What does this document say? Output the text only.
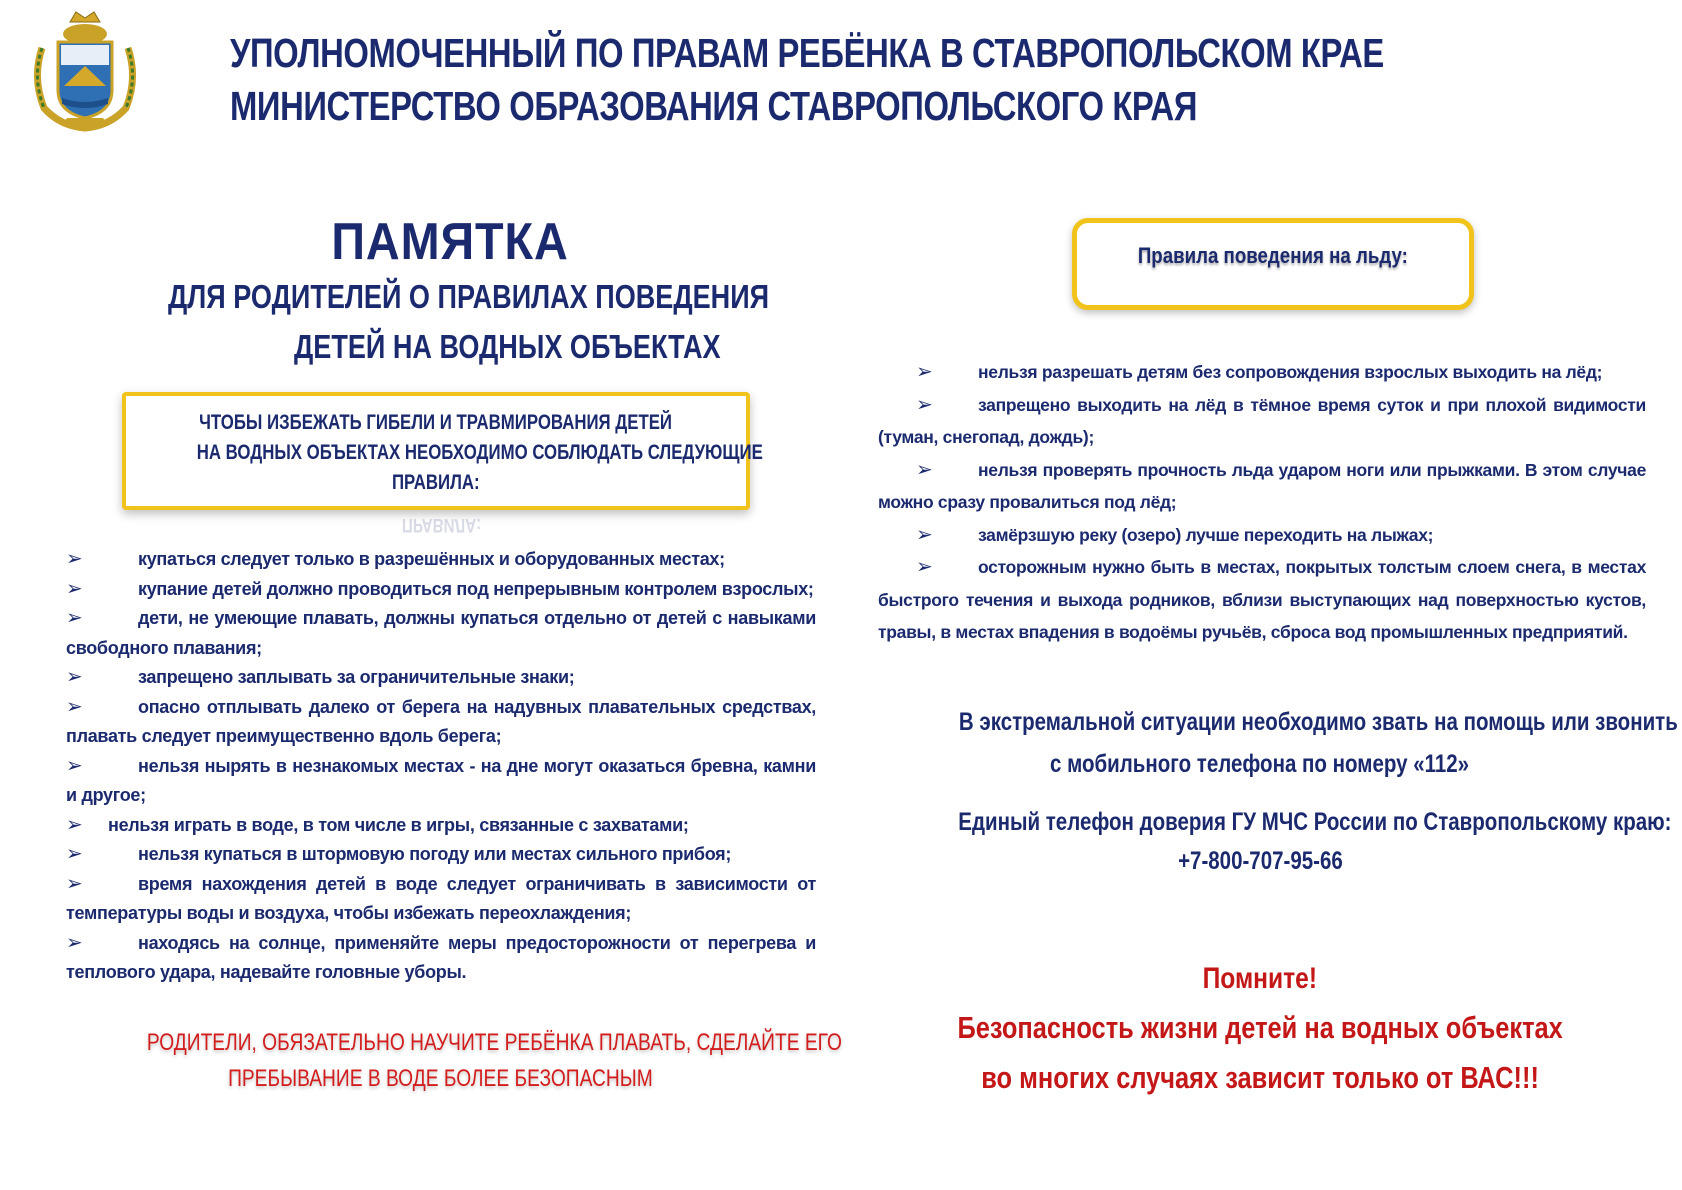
УПОЛНОМОЧЕННЫЙ ПО ПРАВАМ РЕБЁНКА В СТАВРОПОЛЬСКОМ КРАЕ
МИНИСТЕРСТВО ОБРАЗОВАНИЯ СТАВРОПОЛЬСКОГО КРАЯ
ПАМЯТКА
ДЛЯ РОДИТЕЛЕЙ О ПРАВИЛАХ ПОВЕДЕНИЯ
ДЕТЕЙ НА ВОДНЫХ ОБЪЕКТАХ
ЧТОБЫ ИЗБЕЖАТЬ ГИБЕЛИ И ТРАВМИРОВАНИЯ ДЕТЕЙ
НА ВОДНЫХ ОБЪЕКТАХ НЕОБХОДИМО СОБЛЮДАТЬ СЛЕДУЮЩИЕ
ПРАВИЛА:
ПРАВИЛА:
➢	купаться следует только в разрешённых и оборудованных местах;
➢	купание детей должно проводиться под непрерывным контролем взрослых;
➢	дети, не умеющие плавать, должны купаться отдельно от детей с навыками свободного плавания;
➢	запрещено заплывать за ограничительные знаки;
➢	опасно отплывать далеко от берега на надувных плавательных средствах, плавать следует преимущественно вдоль берега;
➢	нельзя нырять в незнакомых местах - на дне могут оказаться бревна, камни и другое;
➢ нельзя играть в воде, в том числе в игры, связанные с захватами;
➢	нельзя купаться в штормовую погоду или местах сильного прибоя;
➢	время нахождения детей в воде следует ограничивать в зависимости от температуры воды и воздуха, чтобы избежать переохлаждения;
➢	находясь на солнце, применяйте меры предосторожности от перегрева и теплового удара, надевайте головные уборы.
РОДИТЕЛИ, ОБЯЗАТЕЛЬНО НАУЧИТЕ РЕБЁНКА ПЛАВАТЬ, СДЕЛАЙТЕ ЕГО
ПРЕБЫВАНИЕ В ВОДЕ БОЛЕЕ БЕЗОПАСНЫМ
Правила поведения на льду:
➢	нельзя разрешать детям без сопровождения взрослых выходить на лёд;
➢	запрещено выходить на лёд в тёмное время суток и при плохой видимости (туман, снегопад, дождь);
➢	нельзя проверять прочность льда ударом ноги или прыжками. В этом случае можно сразу провалиться под лёд;
➢	замёрзшую реку (озеро) лучше переходить на лыжах;
➢	осторожным нужно быть в местах, покрытых толстым слоем снега, в местах быстрого течения и выхода родников, вблизи выступающих над поверхностью кустов, травы, в местах впадения в водоёмы ручьёв, сброса вод промышленных предприятий.
В экстремальной ситуации необходимо звать на помощь или звонить
с мобильного телефона по номеру «112»
Единый телефон доверия ГУ МЧС России по Ставропольскому краю:
+7-800-707-95-66
Помните!
Безопасность жизни детей на водных объектах
во многих случаях зависит только от ВАС!!!
